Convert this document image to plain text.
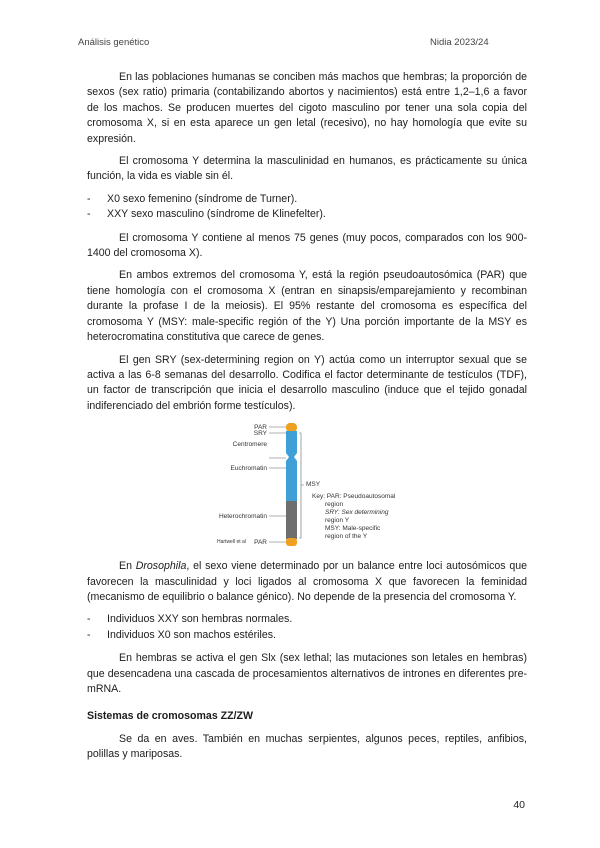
Análisis genético	Nidia 2023/24

En las poblaciones humanas se conciben más machos que hembras; la proporción de sexos (sex ratio) primaria (contabilizando abortos y nacimientos) está entre 1,2–1,6 a favor de los machos. Se producen muertes del cigoto masculino por tener una sola copia del cromosoma X, si en esta aparece un gen letal (recesivo), no hay homología que evite su expresión.

El cromosoma Y determina la masculinidad en humanos, es prácticamente su única función, la vida es viable sin él.

- X0 sexo femenino (síndrome de Turner).
- XXY sexo masculino (síndrome de Klinefelter).

El cromosoma Y contiene al menos 75 genes (muy pocos, comparados con los 900-1400 del cromosoma X).

En ambos extremos del cromosoma Y, está la región pseudoautosómica (PAR) que tiene homología con el cromosoma X (entran en sinapsis/emparejamiento y recombinan durante la profase I de la meiosis). El 95% restante del cromosoma es específica del cromosoma Y (MSY: male-specific región of the Y) Una porción importante de la MSY es heterocromatina constitutiva que carece de genes.

El gen SRY (sex-determining region on Y) actúa como un interruptor sexual que se activa a las 6-8 semanas del desarrollo. Codifica el factor determinante de testículos (TDF), un factor de transcripción que inicia el desarrollo masculino (induce que el tejido gonadal indiferenciado del embrión forme testículos).

PAR
SRY
Centromere
Euchromatin
Heterochromatin
PAR
Hartwell et al
MSY
Key: PAR: Pseudoautosomal
region
SRY: Sex determining
region Y
MSY: Male-specific
region of the Y

En Drosophila, el sexo viene determinado por un balance entre loci autosómicos que favorecen la masculinidad y loci ligados al cromosoma X que favorecen la feminidad (mecanismo de equilibrio o balance génico). No depende de la presencia del cromosoma Y.

- Individuos XXY son hembras normales.
- Individuos X0 son machos estériles.

En hembras se activa el gen Slx (sex lethal; las mutaciones son letales en hembras) que desencadena una cascada de procesamientos alternativos de intrones en diferentes pre-mRNA.

Sistemas de cromosomas ZZ/ZW

Se da en aves. También en muchas serpientes, algunos peces, reptiles, anfibios, polillas y mariposas.

40
